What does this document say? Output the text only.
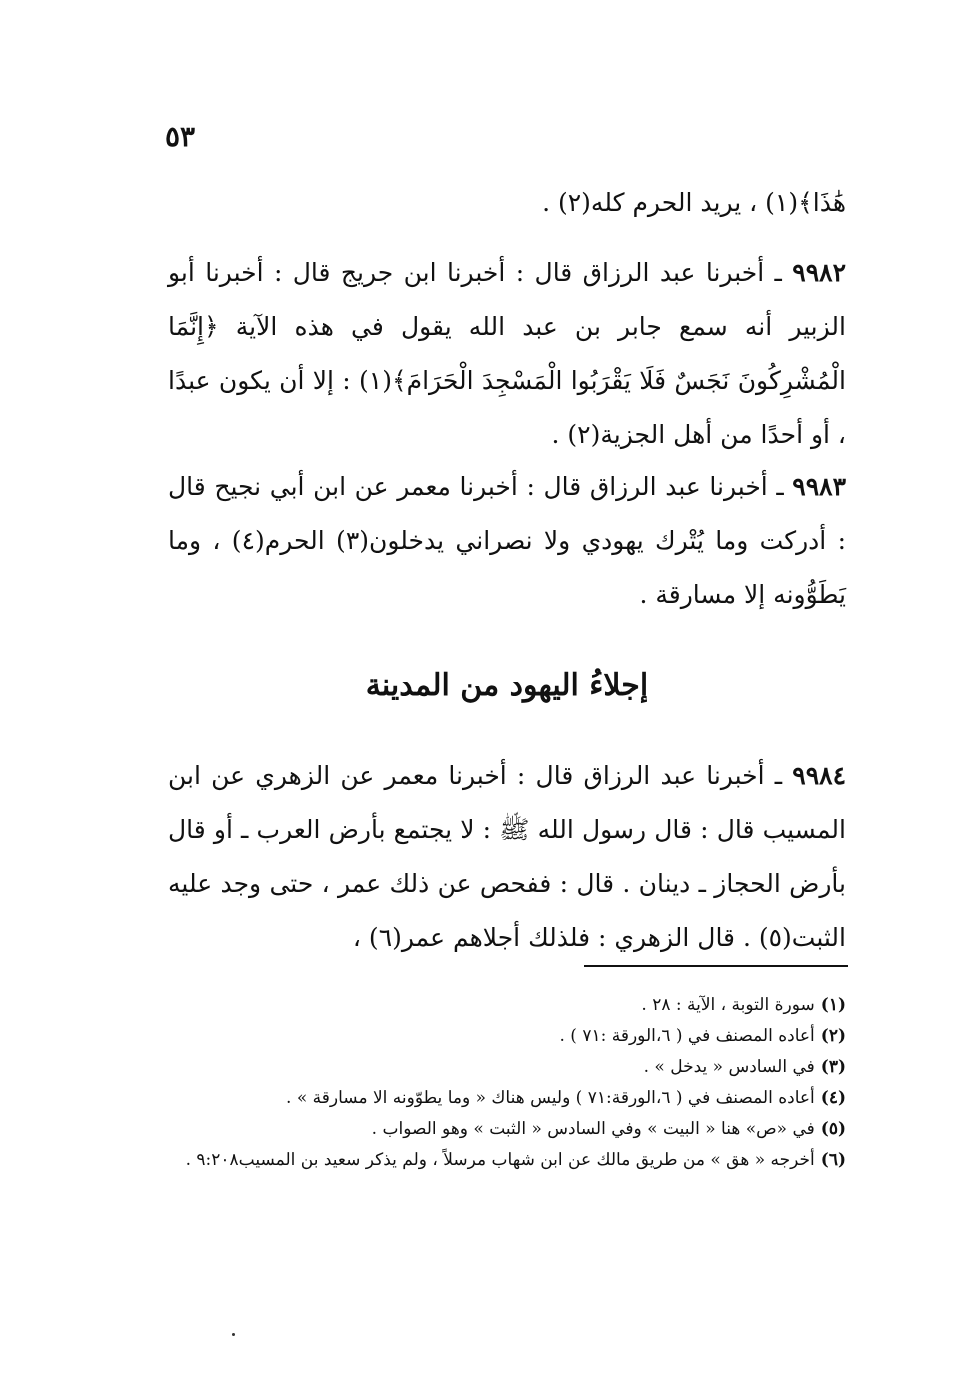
٥٣
هَٰذَا﴾(١) ، يريد الحرم كله(٢) .
٩٩٨٢ ـ أخبرنا عبد الرزاق قال : أخبرنا ابن جريج قال : أخبرنا أبو الزبير أنه سمع جابر بن عبد الله يقول في هذه الآية ﴿إِنَّمَا الْمُشْرِكُونَ نَجَسٌ فَلَا يَقْرَبُوا الْمَسْجِدَ الْحَرَامَ﴾(١) : إلا أن يكون عبدًا ، أو أحدًا من أهل الجزية(٢) .
٩٩٨٣ ـ أخبرنا عبد الرزاق قال : أخبرنا معمر عن ابن أبي نجيح قال : أدركت وما يُتْرك يهودي ولا نصراني يدخلون(٣) الحرم(٤) ، وما يَطَوُّونه إلا مسارقة .
إجلاءُ اليهود من المدينة
٩٩٨٤ ـ أخبرنا عبد الرزاق قال : أخبرنا معمر عن الزهري عن ابن المسيب قال : قال رسول الله ﷺ : لا يجتمع بأرض العرب ـ أو قال بأرض الحجاز ـ دينان . قال : ففحص عن ذلك عمر ، حتى وجد عليه الثبت(٥) . قال الزهري : فلذلك أجلاهم عمر(٦) ،
(١)سورة التوبة ، الآية : ٢٨ .
(٢)أعاده المصنف في ( ٦،الورقة :٧١ ) .
(٣)في السادس « يدخل » .
(٤)أعاده المصنف في ( ٦،الورقة:٧١ ) وليس هناك « وما يطوّونه الا مسارقة » .
(٥)في «ص» هنا « البيت » وفي السادس « الثبت » وهو الصواب .
(٦)أخرجه « هق » من طريق مالك عن ابن شهاب مرسلاً ، ولم يذكر سعيد بن المسيب٩:٢٠٨ .
